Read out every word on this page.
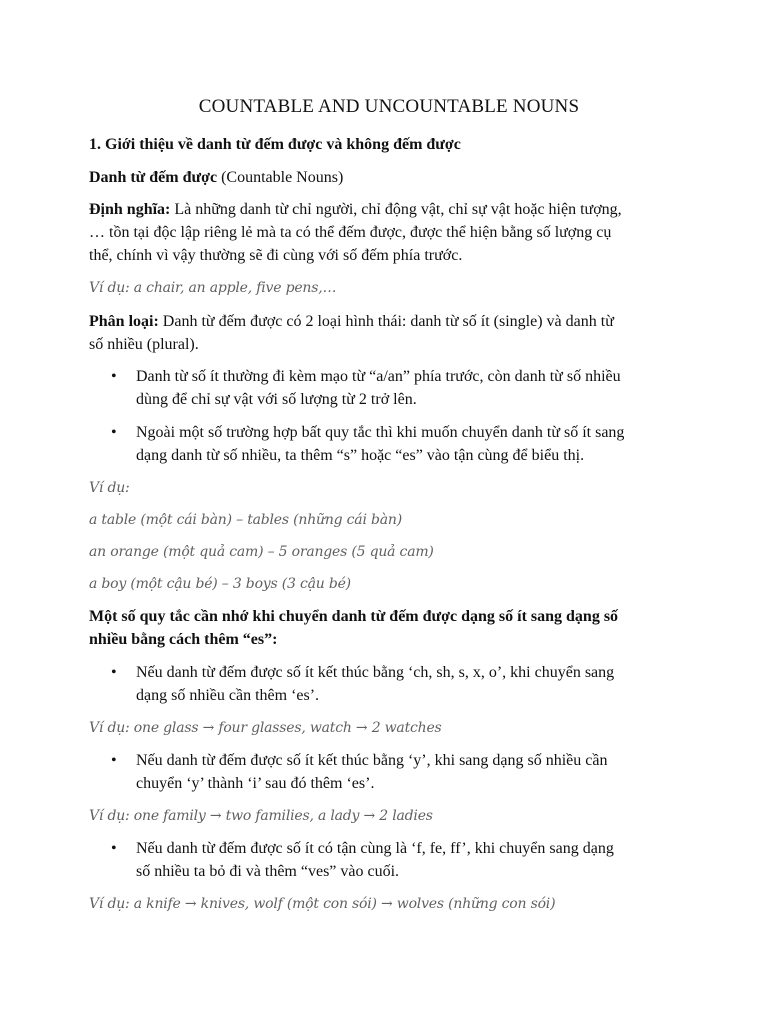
COUNTABLE AND UNCOUNTABLE NOUNS
1. Giới thiệu về danh từ đếm được và không đếm được
Danh từ đếm được (Countable Nouns)
Định nghĩa: Là những danh từ chỉ người, chỉ động vật, chỉ sự vật hoặc hiện tượng,
… tồn tại độc lập riêng lẻ mà ta có thể đếm được, được thể hiện bằng số lượng cụ
thể, chính vì vậy thường sẽ đi cùng với số đếm phía trước.
Ví dụ: a chair, an apple, five pens,…
Phân loại: Danh từ đếm được có 2 loại hình thái: danh từ số ít (single) và danh từ
số nhiều (plural).
• Danh từ số ít thường đi kèm mạo từ “a/an” phía trước, còn danh từ số nhiều
dùng để chỉ sự vật với số lượng từ 2 trở lên.
• Ngoài một số trường hợp bất quy tắc thì khi muốn chuyển danh từ số ít sang
dạng danh từ số nhiều, ta thêm “s” hoặc “es” vào tận cùng để biểu thị.
Ví dụ:
a table (một cái bàn) – tables (những cái bàn)
an orange (một quả cam) – 5 oranges (5 quả cam)
a boy (một cậu bé) – 3 boys (3 cậu bé)
Một số quy tắc cần nhớ khi chuyển danh từ đếm được dạng số ít sang dạng số
nhiều bằng cách thêm “es”:
• Nếu danh từ đếm được số ít kết thúc bằng ‘ch, sh, s, x, o’, khi chuyển sang
dạng số nhiều cần thêm ‘es’.
Ví dụ: one glass → four glasses, watch → 2 watches
• Nếu danh từ đếm được số ít kết thúc bằng ‘y’, khi sang dạng số nhiều cần
chuyển ‘y’ thành ‘i’ sau đó thêm ‘es’.
Ví dụ: one family → two families, a lady → 2 ladies
• Nếu danh từ đếm được số ít có tận cùng là ‘f, fe, ff’, khi chuyển sang dạng
số nhiều ta bỏ đi và thêm “ves” vào cuối.
Ví dụ: a knife → knives, wolf (một con sói) → wolves (những con sói)
